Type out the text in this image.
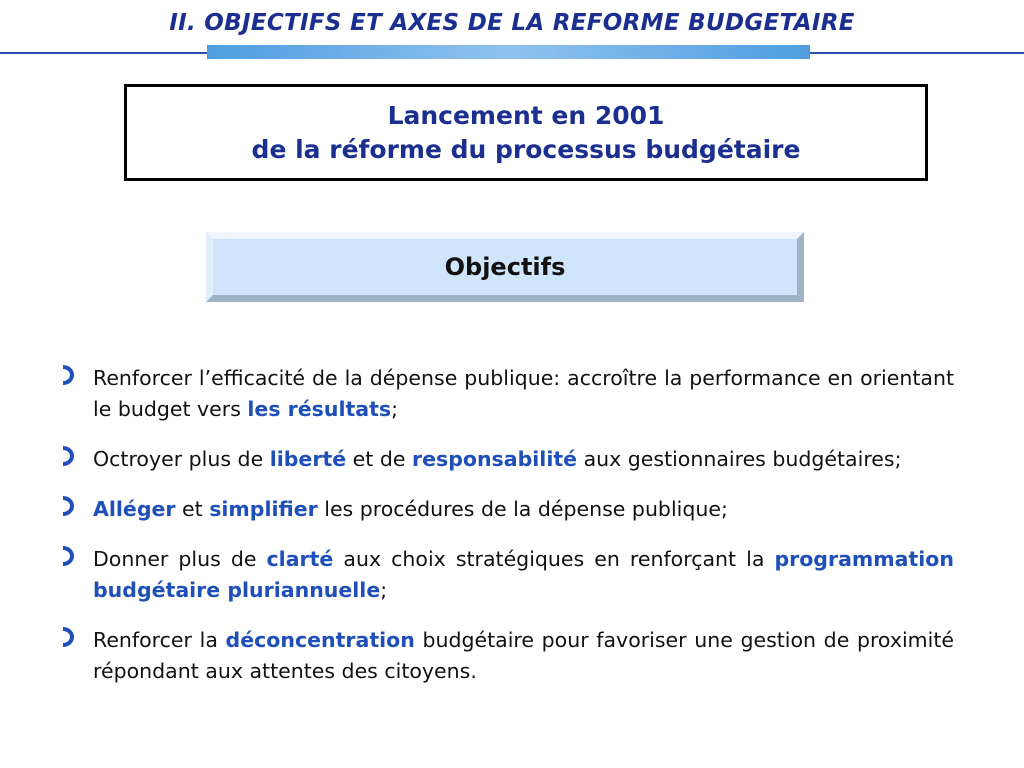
II. OBJECTIFS ET AXES DE LA REFORME BUDGETAIRE
Lancement en 2001
de la réforme du processus budgétaire
Objectifs
Renforcer l’efficacité de la dépense publique: accroître la performance en orientant le budget vers les résultats;
Octroyer plus de liberté et de responsabilité aux gestionnaires budgétaires;
Alléger et simplifier les procédures de la dépense publique;
Donner plus de clarté aux choix stratégiques en renforçant la programmation budgétaire pluriannuelle;
Renforcer la déconcentration budgétaire pour favoriser une gestion de proximité répondant aux attentes des citoyens.
